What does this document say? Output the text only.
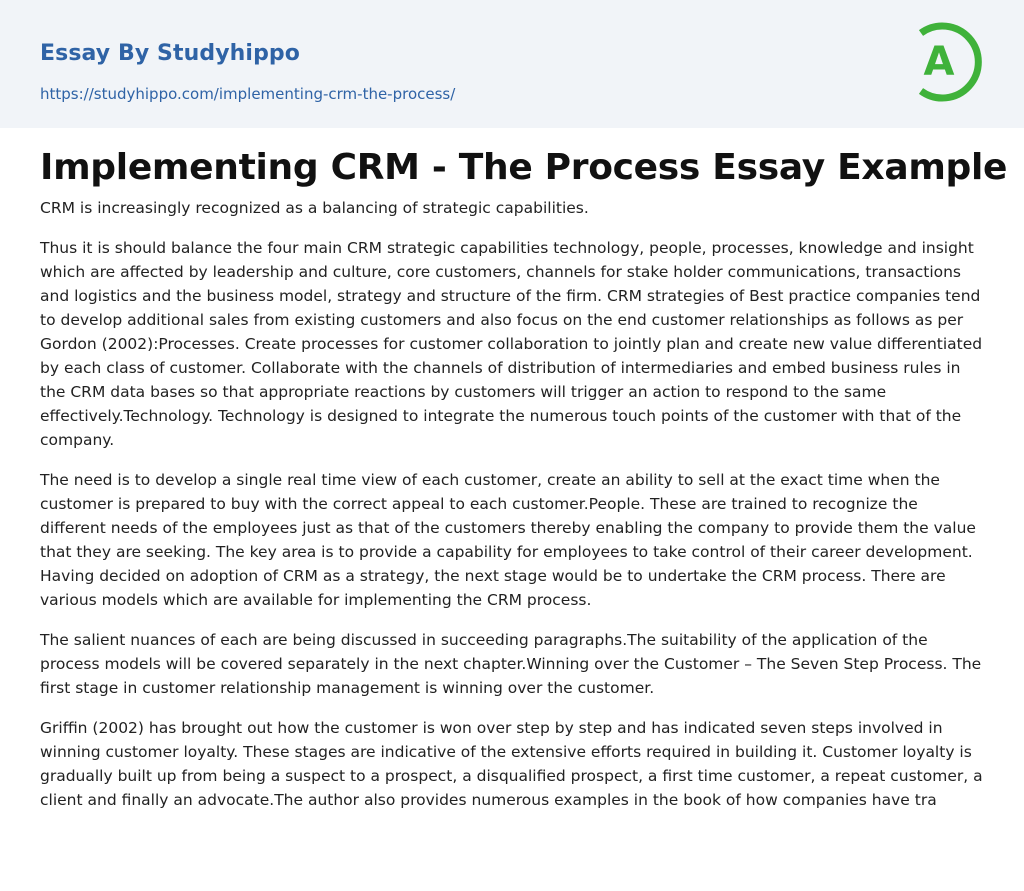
Essay By Studyhippo
https://studyhippo.com/implementing-crm-the-process/
A
Implementing CRM - The Process Essay Example

CRM is increasingly recognized as a balancing of strategic capabilities.

Thus it is should balance the four main CRM strategic capabilities technology, people, processes, knowledge and insight which are affected by leadership and culture, core customers, channels for stake holder communications, transactions and logistics and the business model, strategy and structure of the firm. CRM strategies of Best practice companies tend to develop additional sales from existing customers and also focus on the end customer relationships as follows as per Gordon (2002):Processes. Create processes for customer collaboration to jointly plan and create new value differentiated by each class of customer. Collaborate with the channels of distribution of intermediaries and embed business rules in the CRM data bases so that appropriate reactions by customers will trigger an action to respond to the same effectively.Technology. Technology is designed to integrate the numerous touch points of the customer with that of the company.

The need is to develop a single real time view of each customer, create an ability to sell at the exact time when the customer is prepared to buy with the correct appeal to each customer.People. These are trained to recognize the different needs of the employees just as that of the customers thereby enabling the company to provide them the value that they are seeking. The key area is to provide a capability for employees to take control of their career development. Having decided on adoption of CRM as a strategy, the next stage would be to undertake the CRM process. There are various models which are available for implementing the CRM process.

The salient nuances of each are being discussed in succeeding paragraphs.The suitability of the application of the process models will be covered separately in the next chapter.Winning over the Customer – The Seven Step Process. The first stage in customer relationship management is winning over the customer.

Griffin (2002) has brought out how the customer is won over step by step and has indicated seven steps involved in winning customer loyalty. These stages are indicative of the extensive efforts required in building it. Customer loyalty is gradually built up from being a suspect to a prospect, a disqualified prospect, a first time customer, a repeat customer, a client and finally an advocate.The author also provides numerous examples in the book of how companies have tra
